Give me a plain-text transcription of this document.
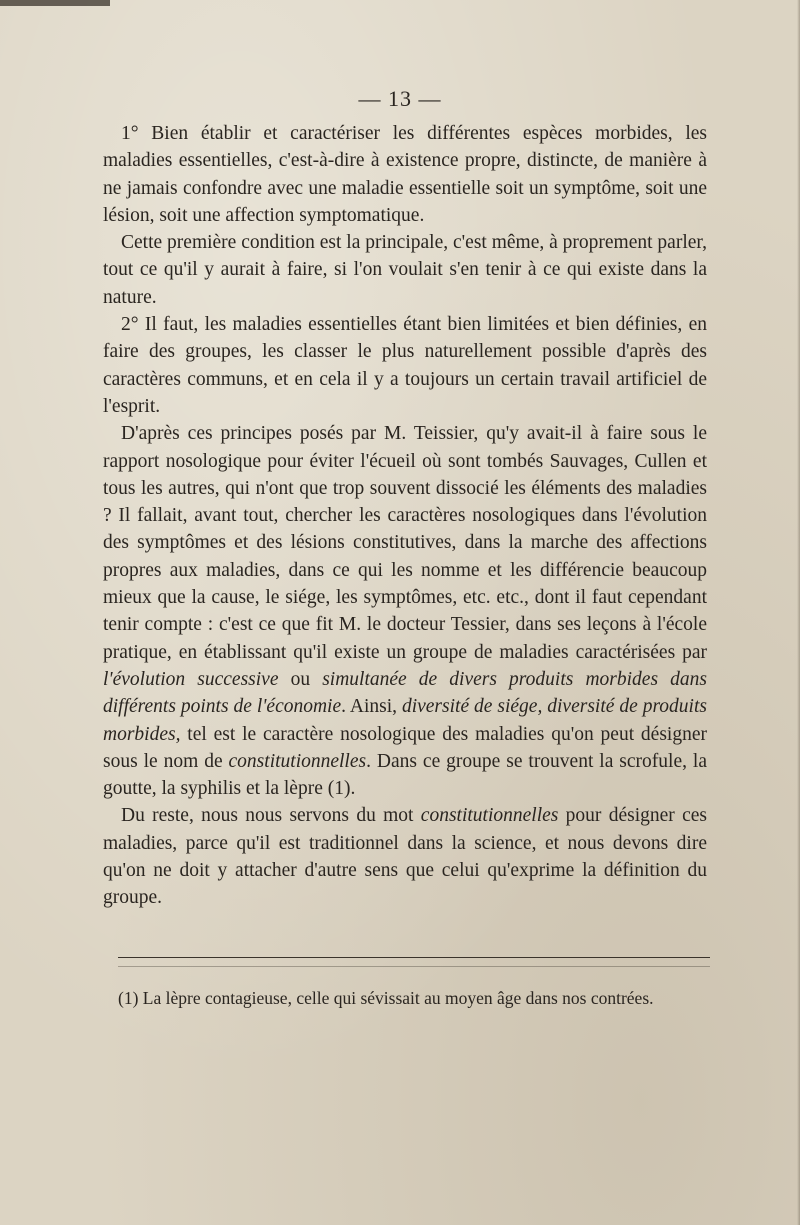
— 13 —

1° Bien établir et caractériser les différentes espèces morbides, les maladies essentielles, c'est-à-dire à existence propre, distincte, de manière à ne jamais confondre avec une maladie essentielle soit un symptôme, soit une lésion, soit une affection symptomatique.

Cette première condition est la principale, c'est même, à proprement parler, tout ce qu'il y aurait à faire, si l'on voulait s'en tenir à ce qui existe dans la nature.

2° Il faut, les maladies essentielles étant bien limitées et bien définies, en faire des groupes, les classer le plus naturellement possible d'après des caractères communs, et en cela il y a toujours un certain travail artificiel de l'esprit.

D'après ces principes posés par M. Teissier, qu'y avait-il à faire sous le rapport nosologique pour éviter l'écueil où sont tombés Sauvages, Cullen et tous les autres, qui n'ont que trop souvent dissocié les éléments des maladies ? Il fallait, avant tout, chercher les caractères nosologiques dans l'évolution des symptômes et des lésions constitutives, dans la marche des affections propres aux maladies, dans ce qui les nomme et les différencie beaucoup mieux que la cause, le siége, les symptômes, etc. etc., dont il faut cependant tenir compte : c'est ce que fit M. le docteur Tessier, dans ses leçons à l'école pratique, en établissant qu'il existe un groupe de maladies caractérisées par l'évolution successive ou simultanée de divers produits morbides dans différents points de l'économie. Ainsi, diversité de siége, diversité de produits morbides, tel est le caractère nosologique des maladies qu'on peut désigner sous le nom de constitutionnelles. Dans ce groupe se trouvent la scrofule, la goutte, la syphilis et la lèpre (1).

Du reste, nous nous servons du mot constitutionnelles pour désigner ces maladies, parce qu'il est traditionnel dans la science, et nous devons dire qu'on ne doit y attacher d'autre sens que celui qu'exprime la définition du groupe.

(1) La lèpre contagieuse, celle qui sévissait au moyen âge dans nos contrées.
